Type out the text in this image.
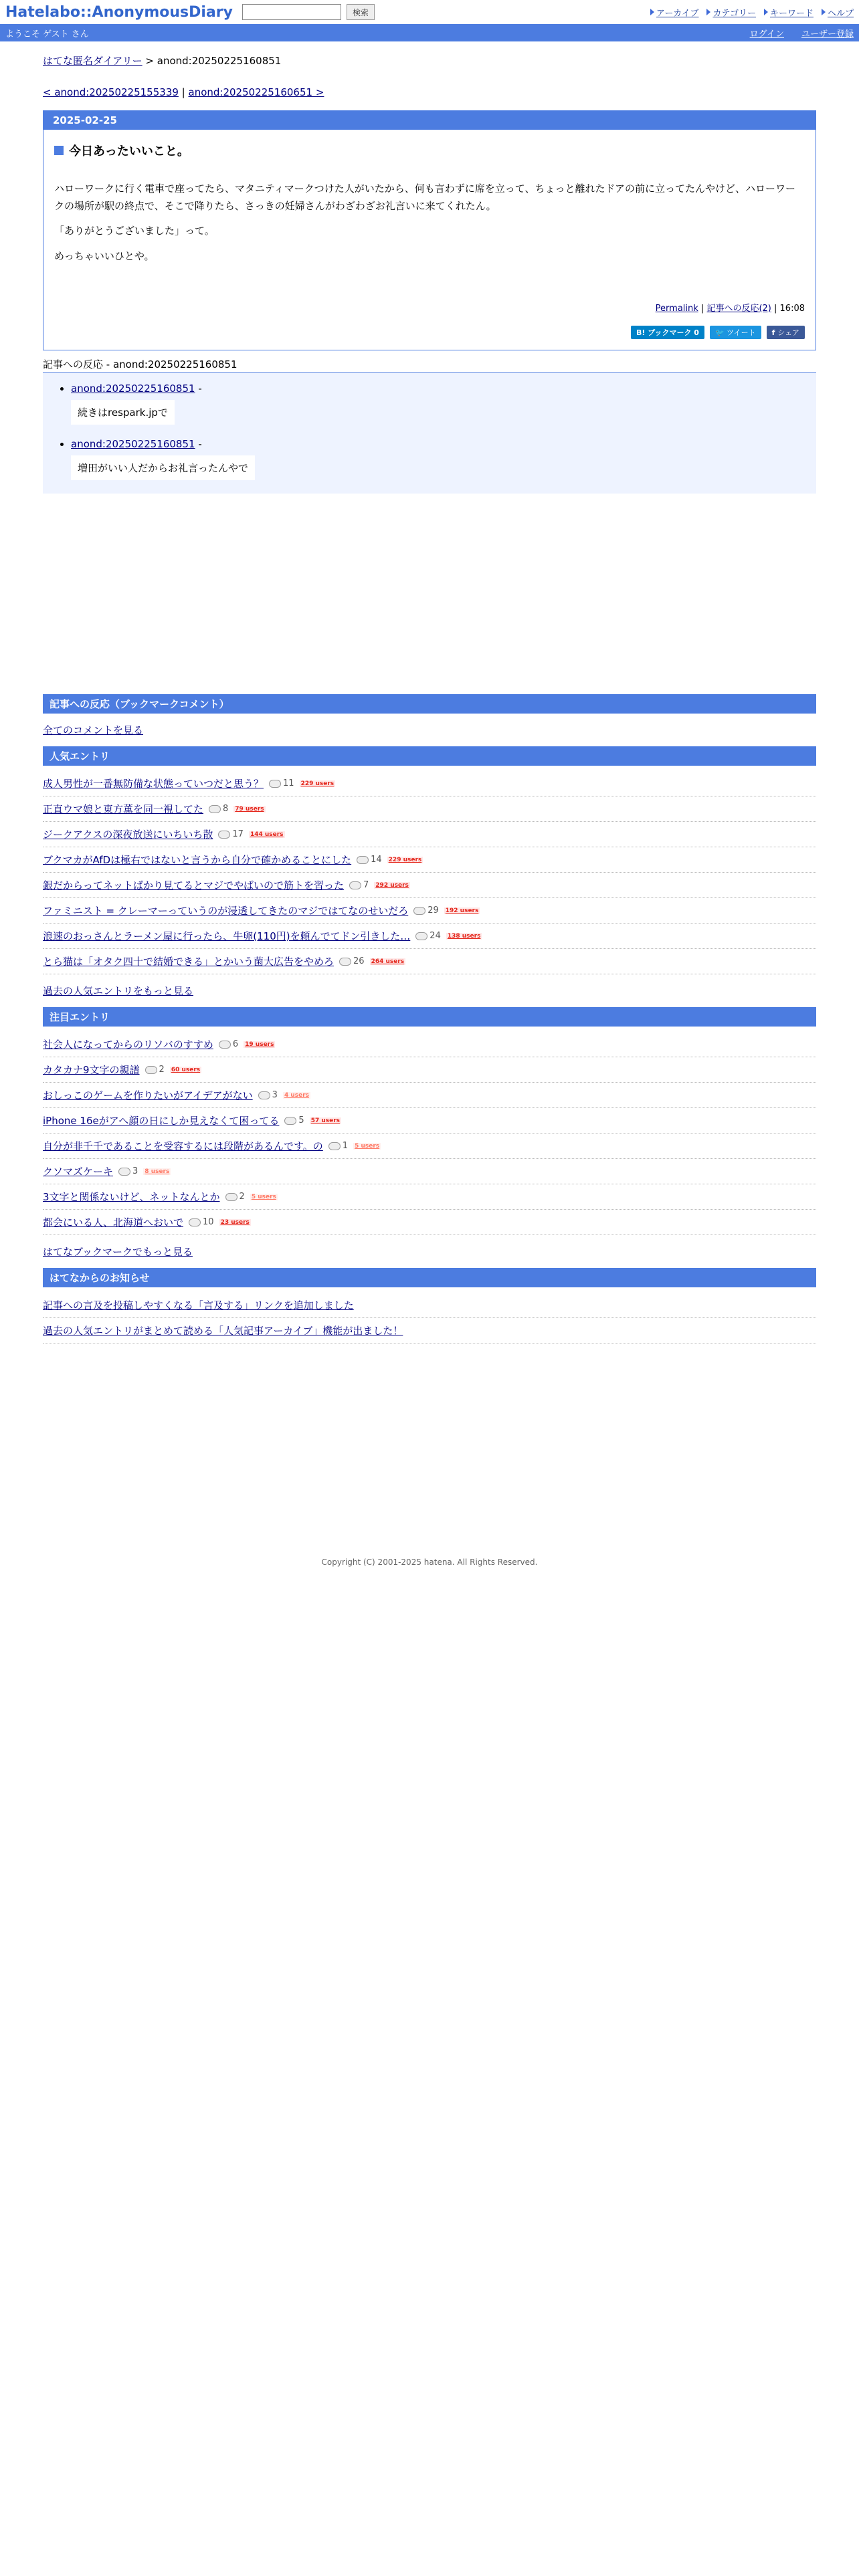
Hatelabo::AnonymousDiary	検索	アーカイブ カテゴリー キーワード ヘルプ
ようこそ ゲスト さん	ログイン ユーザー登録
はてな匿名ダイアリー > anond:20250225160851
< anond:20250225155339 | anond:20250225160651 >
2025-02-25
今日あったいいこと。

ハローワークに行く電車で座ってたら、マタニティマークつけた人がいたから、何も言わずに席を立って、ちょっと離れたドアの前に立ってたんやけど、ハローワークの場所が駅の終点で、そこで降りたら、さっきの妊婦さんがわざわざお礼言いに来てくれたん。

「ありがとうございました」って。

めっちゃいいひとや。

Permalink | 記事への反応(2) | 16:08
B! ブックマーク 0	🐦 ツイート f シェア
記事への反応 - anond:20250225160851
• anond:20250225160851 -
続きはrespark.jpで
• anond:20250225160851 -
増田がいい人だからお礼言ったんやで
記事への反応（ブックマークコメント）
全てのコメントを見る
人気エントリ
成人男性が一番無防備な状態っていつだと思う？ 11 229 users
正直ウマ娘と東方薫を同一視してた 8 79 users
ジークアクスの深夜放送にいちいち散 17 144 users
ブクマカがAfDは極右ではないと言うから自分で確かめることにした 14 229 users
銀だからってネットばかり見てるとマジでやばいので筋トを習った 7 292 users
ファミニスト = クレーマーっていうのが浸透してきたのマジではてなのせいだろ 29 192 users
浪速のおっさんとラーメン屋に行ったら、牛卵(110円)を頼んでてドン引きした… 24 138 users
とら猫は「オタク四十で結婚できる」とかいう菌大広告をやめろ 26 264 users
過去の人気エントリをもっと見る
注目エントリ
社会人になってからのリソバのすすめ 6 19 users
カタカナ9文字の親譜 2 60 users
おしっこのゲームを作りたいがアイデアがない 3 4 users
iPhone 16eがアへ顔の日にしか見えなくて困ってる 5 57 users
自分が非千千であることを受容するには段階があるんです。の 1 5 users
クソマズケーキ 3 8 users
3文字と関係ないけど、ネットなんとか 2 5 users
都会にいる人、北海道へおいで 10 23 users
はてなブックマークでもっと見る
はてなからのお知らせ
記事への言及を投稿しやすくなる「言及する」リンクを追加しました
過去の人気エントリがまとめて読める「人気記事アーカイブ」機能が出ました！
Copyright (C) 2001-2025 hatena. All Rights Reserved.
